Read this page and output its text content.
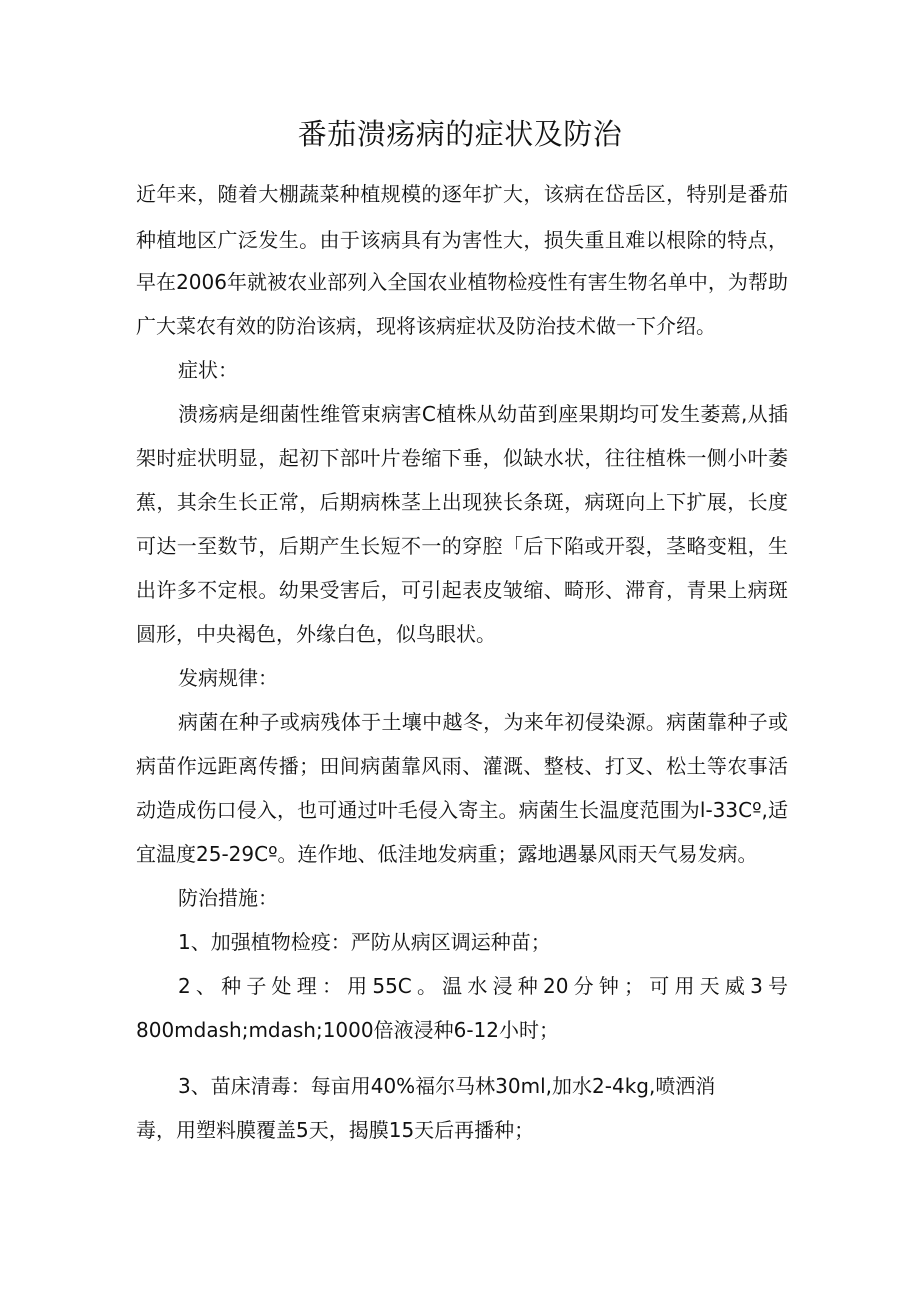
番茄溃疡病的症状及防治
近年来，随着大棚蔬菜种植规模的逐年扩大，该病在岱岳区，特别是番茄
种植地区广泛发生。由于该病具有为害性大，损失重且难以根除的特点，
早在2006年就被农业部列入全国农业植物检疫性有害生物名单中，为帮助
广大菜农有效的防治该病，现将该病症状及防治技术做一下介绍。
症状：
溃疡病是细菌性维管束病害C植株从幼苗到座果期均可发生萎蔫,从插
架时症状明显，起初下部叶片卷缩下垂，似缺水状，往往植株一侧小叶萎
蕉，其余生长正常，后期病株茎上出现狭长条斑，病斑向上下扩展，长度
可达一至数节，后期产生长短不一的穿腔「后下陷或开裂，茎略变粗，生
出许多不定根。幼果受害后，可引起表皮皱缩、畸形、滞育，青果上病斑
圆形，中央褐色，外缘白色，似鸟眼状。
发病规律：
病菌在种子或病残体于土壤中越冬，为来年初侵染源。病菌靠种子或
病苗作远距离传播；田间病菌靠风雨、灌溉、整枝、打叉、松土等农事活
动造成伤口侵入，也可通过叶毛侵入寄主。病菌生长温度范围为l-33Cº,适
宜温度25-29Cº。连作地、低洼地发病重；露地遇暴风雨天气易发病。
防治措施：
1、加强植物检疫：严防从病区调运种苗；
2、种子处理：用55C。温水浸种20分钟；可用天威3号
800mdash;mdash;1000倍液浸种6-12小时；
3、苗床清毒：每亩用40%福尔马林30ml,加水2-4kg,喷洒消
毒，用塑料膜覆盖5天，揭膜15天后再播种；
